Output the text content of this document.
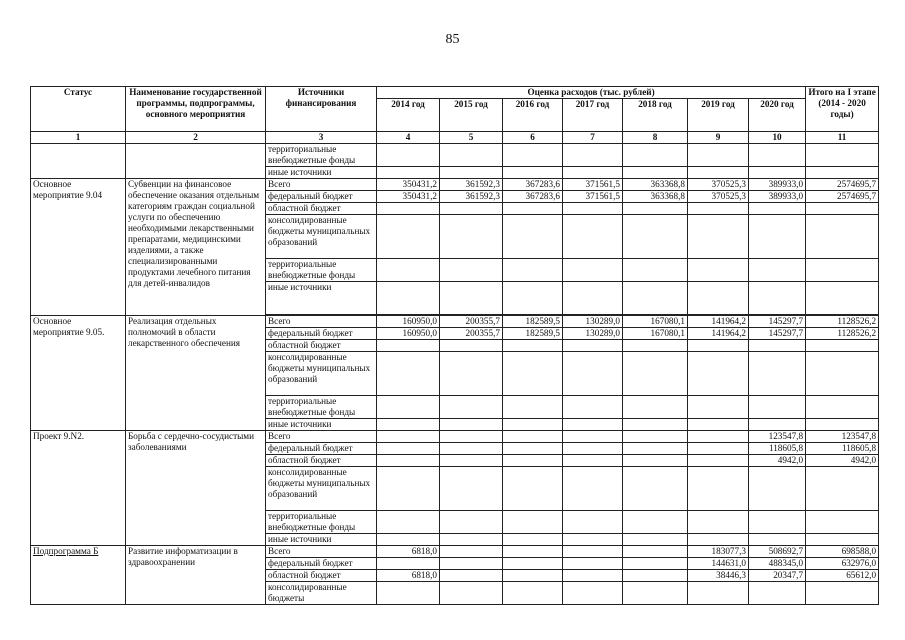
85
Статус	Наименование государственной программы, подпрограммы, основного мероприятия	Источники финансирования	Оценка расходов (тыс. рублей)							Итого на I этапе (2014 - 2020 годы)
			2014 год	2015 год	2016 год	2017 год	2018 год	2019 год	2020 год	
1	2	3	4	5	6	7	8	9	10	11
		территориальные внебюджетные фонды								
		иные источники								
Основное мероприятие 9.04	Субвенции на финансовое обеспечение оказания отдельным категориям граждан социальной услуги по обеспечению необходимыми лекарственными препаратами, медицинскими изделиями, а также специализированными продуктами лечебного питания для детей-инвалидов	Всего	350431,2	361592,3	367283,6	371561,5	363368,8	370525,3	389933,0	2574695,7
		федеральный бюджет	350431,2	361592,3	367283,6	371561,5	363368,8	370525,3	389933,0	2574695,7
		областной бюджет								
		консолидированные бюджеты муниципальных образований								
		территориальные внебюджетные фонды								
		иные источники								

Основное мероприятие 9.05.	Реализация отдельных полномочий в области лекарственного обеспечения	Всего	160950,0	200355,7	182589,5	130289,0	167080,1	141964,2	145297,7	1128526,2
		федеральный бюджет	160950,0	200355,7	182589,5	130289,0	167080,1	141964,2	145297,7	1128526,2
		областной бюджет								
		консолидированные бюджеты муниципальных образований								
		территориальные внебюджетные фонды								
		иные источники								
Проект 9.N2.	Борьба с сердечно-сосудистыми заболеваниями	Всего							123547,8	123547,8
		федеральный бюджет							118605,8	118605,8
		областной бюджет							4942,0	4942,0
		консолидированные бюджеты муниципальных образований								
		территориальные внебюджетные фонды								
		иные источники								
Подпрограмма Б	Развитие информатизации в здравоохранении	Всего	6818,0					183077,3	508692,7	698588,0
		федеральный бюджет						144631,0	488345,0	632976,0
		областной бюджет	6818,0					38446,3	20347,7	65612,0
		консолидированные бюджеты								
